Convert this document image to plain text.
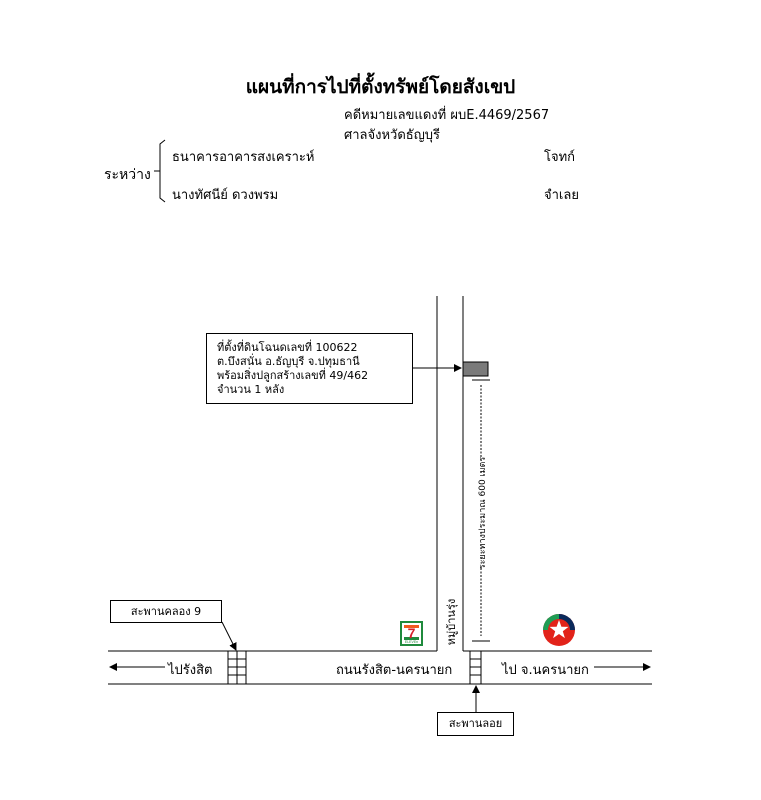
แผนที่การไปที่ตั้งทรัพย์โดยสังเขป
คดีหมายเลขแดงที่ ผบE.4469/2567
ศาลจังหวัดธัญบุรี
ระหว่าง
ธนาคารอาคารสงเคราะห์	โจทก์
นางทัศนีย์ ดวงพรม	จำเลย
7
ELEVEn
ระยะทางประมาณ 600 เมตร
หมู่บ้านรุ่ง
ไปรังสิต	ถนนรังสิต-นครนายก	ไป จ.นครนายก
ที่ตั้งที่ดินโฉนดเลขที่ 100622
ต.บึงสนั่น อ.ธัญบุรี จ.ปทุมธานี
พร้อมสิ่งปลูกสร้างเลขที่ 49/462
จำนวน 1 หลัง
สะพานคลอง 9
สะพานลอย
